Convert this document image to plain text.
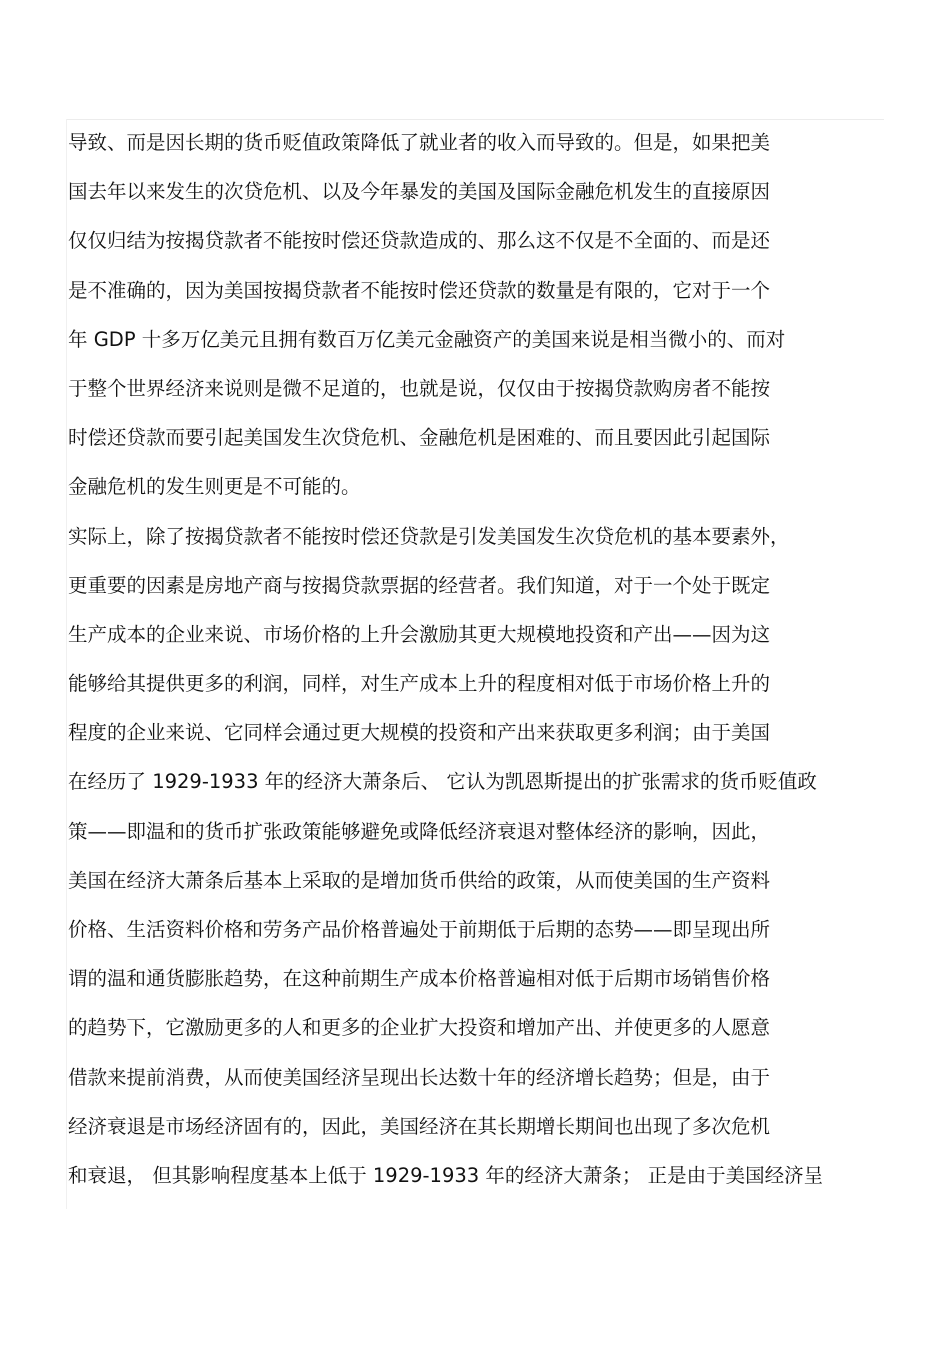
导致、而是因长期的货币贬值政策降低了就业者的收入而导致的。但是，如果把美
国去年以来发生的次贷危机、以及今年暴发的美国及国际金融危机发生的直接原因
仅仅归结为按揭贷款者不能按时偿还贷款造成的、那么这不仅是不全面的、而是还
是不准确的，因为美国按揭贷款者不能按时偿还贷款的数量是有限的，它对于一个
年 GDP 十多万亿美元且拥有数百万亿美元金融资产的美国来说是相当微小的、而对
于整个世界经济来说则是微不足道的，也就是说，仅仅由于按揭贷款购房者不能按
时偿还贷款而要引起美国发生次贷危机、金融危机是困难的、而且要因此引起国际
金融危机的发生则更是不可能的。
实际上，除了按揭贷款者不能按时偿还贷款是引发美国发生次贷危机的基本要素外，
更重要的因素是房地产商与按揭贷款票据的经营者。我们知道，对于一个处于既定
生产成本的企业来说、市场价格的上升会激励其更大规模地投资和产出——因为这
能够给其提供更多的利润，同样，对生产成本上升的程度相对低于市场价格上升的
程度的企业来说、它同样会通过更大规模的投资和产出来获取更多利润；由于美国
在经历了 1929-1933 年的经济大萧条后、 它认为凯恩斯提出的扩张需求的货币贬值政
策——即温和的货币扩张政策能够避免或降低经济衰退对整体经济的影响，因此，
美国在经济大萧条后基本上采取的是增加货币供给的政策，从而使美国的生产资料
价格、生活资料价格和劳务产品价格普遍处于前期低于后期的态势——即呈现出所
谓的温和通货膨胀趋势，在这种前期生产成本价格普遍相对低于后期市场销售价格
的趋势下，它激励更多的人和更多的企业扩大投资和增加产出、并使更多的人愿意
借款来提前消费，从而使美国经济呈现出长达数十年的经济增长趋势；但是，由于
经济衰退是市场经济固有的，因此，美国经济在其长期增长期间也出现了多次危机
和衰退， 但其影响程度基本上低于 1929-1933 年的经济大萧条； 正是由于美国经济呈
